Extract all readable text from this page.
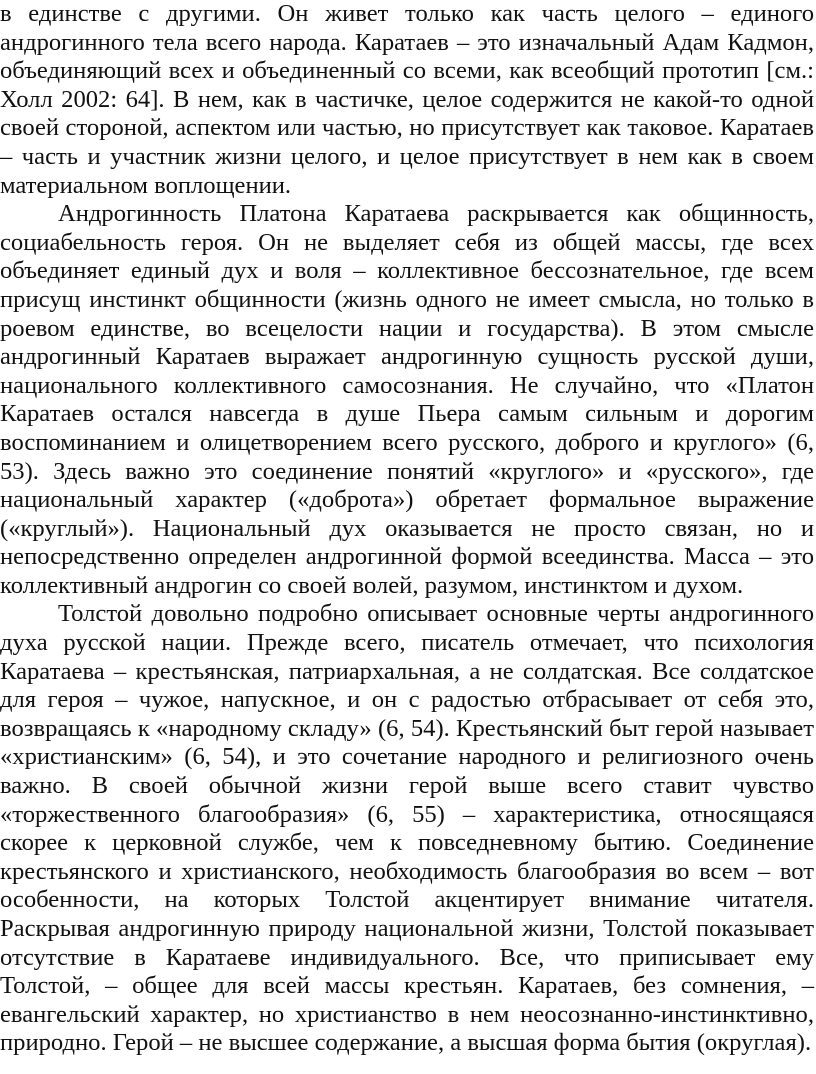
в единстве с другими. Он живет только как часть целого – единого андрогинного тела всего народа. Каратаев – это изначальный Адам Кадмон, объединяющий всех и объединенный со всеми, как всеобщий прототип [см.: Холл 2002: 64]. В нем, как в частичке, целое содержится не какой-то одной своей стороной, аспектом или частью, но присутствует как таковое. Каратаев – часть и участник жизни целого, и целое присутствует в нем как в своем материальном воплощении.

Андрогинность Платона Каратаева раскрывается как общинность, социабельность героя. Он не выделяет себя из общей массы, где всех объединяет единый дух и воля – коллективное бессознательное, где всем присущ инстинкт общинности (жизнь одного не имеет смысла, но только в роевом единстве, во всецелости нации и государства). В этом смысле андрогинный Каратаев выражает андрогинную сущность русской души, национального коллективного самосознания. Не случайно, что «Платон Каратаев остался навсегда в душе Пьера самым сильным и дорогим воспоминанием и олицетворением всего русского, доброго и круглого» (6, 53). Здесь важно это соединение понятий «круглого» и «русского», где национальный характер («доброта») обретает формальное выражение («круглый»). Национальный дух оказывается не просто связан, но и непосредственно определен андрогинной формой всеединства. Масса – это коллективный андрогин со своей волей, разумом, инстинктом и духом.

Толстой довольно подробно описывает основные черты андрогинного духа русской нации. Прежде всего, писатель отмечает, что психология Каратаева – крестьянская, патриархальная, а не солдатская. Все солдатское для героя – чужое, напускное, и он с радостью отбрасывает от себя это, возвращаясь к «народному складу» (6, 54). Крестьянский быт герой называет «христианским» (6, 54), и это сочетание народного и религиозного очень важно. В своей обычной жизни герой выше всего ставит чувство «торжественного благообразия» (6, 55) – характеристика, относящаяся скорее к церковной службе, чем к повседневному бытию. Соединение крестьянского и христианского, необходимость благообразия во всем – вот особенности, на которых Толстой акцентирует внимание читателя. Раскрывая андрогинную природу национальной жизни, Толстой показывает отсутствие в Каратаеве индивидуального. Все, что приписывает ему Толстой, – общее для всей массы крестьян. Каратаев, без сомнения, – евангельский характер, но христианство в нем неосознанно-инстинктивно, природно. Герой – не высшее содержание, а высшая форма бытия (округлая).
